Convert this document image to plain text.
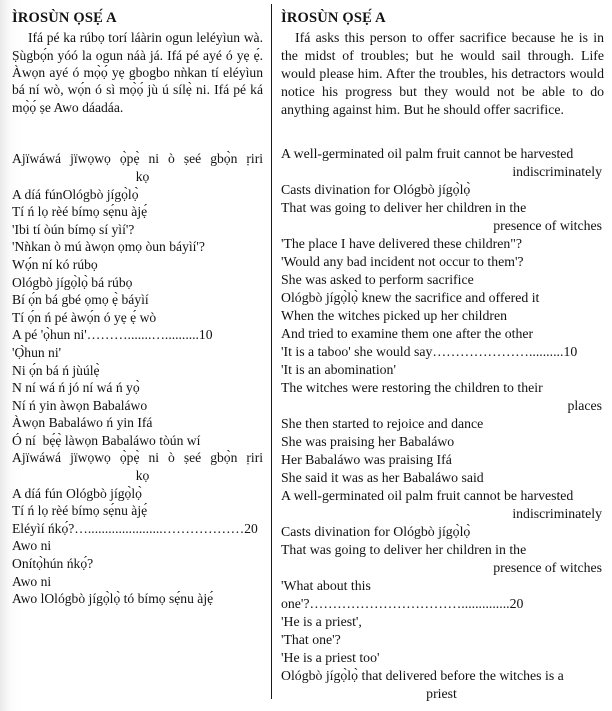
ÌROSÙN ỌSẸ́ A

Ifá pé ka rúbọ torí láàrin ogun leléyìun wà. Ṣùgbọ́n yóó la ogun náà já. Ifá pé ayé ó yẹ ẹ́. Àwọn ayé ó mọ̀ọ́ yẹ gbogbo nǹkan tí eléyìun bá ní wò, wọ́n ó sì mọ̀ọ́ jù ú sílẹ̀ ni. Ifá pé ká mọ̀ọ́ ṣe Awo dáadáa.

Ajïwáwá jïwọwọ ọ̀pẹ̀ ni ò ṣeé gbọ̀n ṛiri
kọ
A díá fúnOlógbò jígọ̀lọ̀
Tí ń lọ rèé bímọ sẹ́nu àjẹ́
'Ibi tí òún bímọ sí yìí'?
'Nǹkan ò mú àwọn ọmọ òun báyìí'?
Wọ́n ní kó rúbọ
Ológbò jígọ̀lọ̀ bá rúbọ
Bí ọ́n bá gbé ọmọ ẹ̀ báyìí
Tí ọ́n ń pé àwọ́n ó yẹ ẹ́ wò
A pé 'ọ̀hun ni'……….......…..........10
'Ọ̀hun ni'
Ni ọ́n bá ń jùúlẹ̀
N ní wá ń jó ní wá ń yọ̀
Ní ń yin àwọn Babaláwo
Àwọn Babaláwo ń yin Ifá
Ó ní  bẹ́ẹ̀ làwọn Babaláwo tòún wí
Ajïwáwá jïwọwọ ọ̀pẹ̀ ni ò ṣeé gbọ̀n ṛiri
kọ
A díá fún Ológbò jígọ̀lọ̀
Tí ń lọ rèé bímọ sẹ́nu àjẹ́
Eléyìí ńkọ́?…......................………………20
Awo ni
Onítọ̀hún ńkọ́?
Awo ni
Awo lOlógbò jígọ̀lọ̀ tó bímọ sẹ́nu àjẹ́
ÌROSÙN ỌSẸ́ A

Ifá asks this person to offer sacrifice because he is in the midst of troubles; but he would sail through. Life would please him. After the troubles, his detractors would notice his progress but they would not be able to do anything against him. But he should offer sacrifice.

A well-germinated oil palm fruit cannot be harvested
indiscriminately
Casts divination for Ológbò jígọ̀lọ̀
That was going to deliver her children in the
presence of witches
'The place I have delivered these children"?
'Would any bad incident not occur to them'?
She was asked to perform sacrifice
Ológbò jígọ̀lọ̀ knew the sacrifice and offered it
When the witches picked up her children
And tried to examine them one after the other
'It is a taboo' she would say…………………..........10
'It is an abomination'
The witches were restoring the children to their
places
She then started to rejoice and dance
She was praising her Babaláwo
Her Babaláwo was praising Ifá
She said it was as her Babaláwo said
A well-germinated oil palm fruit cannot be harvested
indiscriminately
Casts divination for Ológbò jígọ̀lọ̀
That was going to deliver her children in the
presence of witches
'What about this one'?……………………………..............20
'He is a priest',
'That one'?
'He is a priest too'
Ológbò jígọ̀lọ̀ that delivered before the witches is a
priest
